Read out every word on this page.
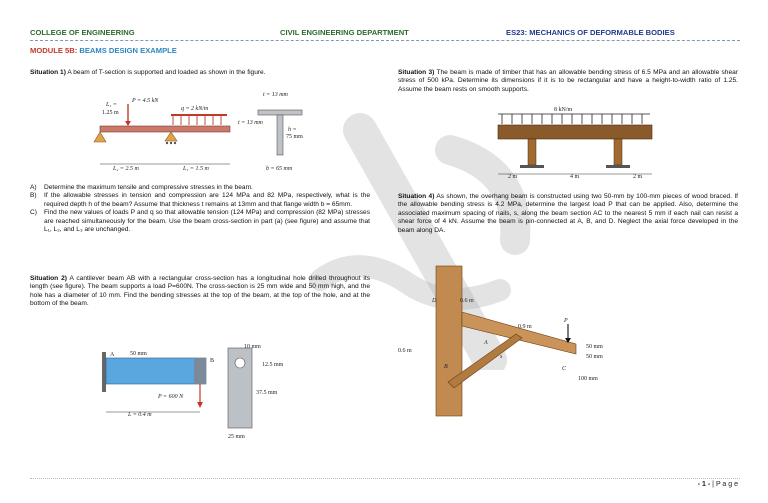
COLLEGE OF ENGINEERING	CIVIL ENGINEERING DEPARTMENT	ES23: MECHANICS OF DEFORMABLE BODIES
MODULE 5B: BEAMS DESIGN EXAMPLE
Situation 1) A beam of T-section is supported and loaded as shown in the figure.
P = 4.5 kN
L₁ =
1.25 m
q = 2 kN/m
L₂ = 2.5 m	L₃ = 1.5 m
t = 13 mm
t = 13 mm
h =
75 mm
b = 65 mm
A) Determine the maximum tensile and compressive stresses in the beam.
B) If the allowable stresses in tension and compression are 124 MPa and 82 MPa, respectively, what is the required depth h of the beam? Assume that thickness t remains at 13mm and that flange width b = 65mm.
C) Find the new values of loads P and q so that allowable tension (124 MPa) and compression (82 MPa) stresses are reached simultaneously for the beam. Use the beam cross-section in part (a) (see figure) and assume that L₁, L₂, and L₃ are unchanged.
Situation 2) A cantilever beam AB with a rectangular cross-section has a longitudinal hole drilled throughout its length (see figure). The beam supports a load P=600N. The cross-section is 25 mm wide and 50 mm high, and the hole has a diameter of 10 mm. Find the bending stresses at the top of the beam, at the top of the hole, and at the bottom of the beam.
A
B
50 mm
P = 600 N
L = 0.4 m
10 mm
12.5 mm
37.5 mm
25 mm
Situation 3) The beam is made of timber that has an allowable bending stress of 6.5 MPa and an allowable shear stress of 500 kPa. Determine its dimensions if it is to be rectangular and have a height-to-width ratio of 1.25. Assume the beam rests on smooth supports.
8 kN/m
2 m	4 m	2 m
Situation 4) As shown, the overhang beam is constructed using two 50-mm by 100-mm pieces of wood braced. If the allowable bending stress is 4.2 MPa, determine the largest load P that can be applied. Also, determine the associated maximum spacing of nails, s, along the beam section AC to the nearest 5 mm if each nail can resist a shear force of 4 kN. Assume the beam is pin-connected at A, B, and D. Neglect the axial force developed in the beam along DA.
D	0.6 m
0.9 m
P
0.6 m
A
s
B	C
50 mm
50 mm
100 mm
- 1 - | P a g e
